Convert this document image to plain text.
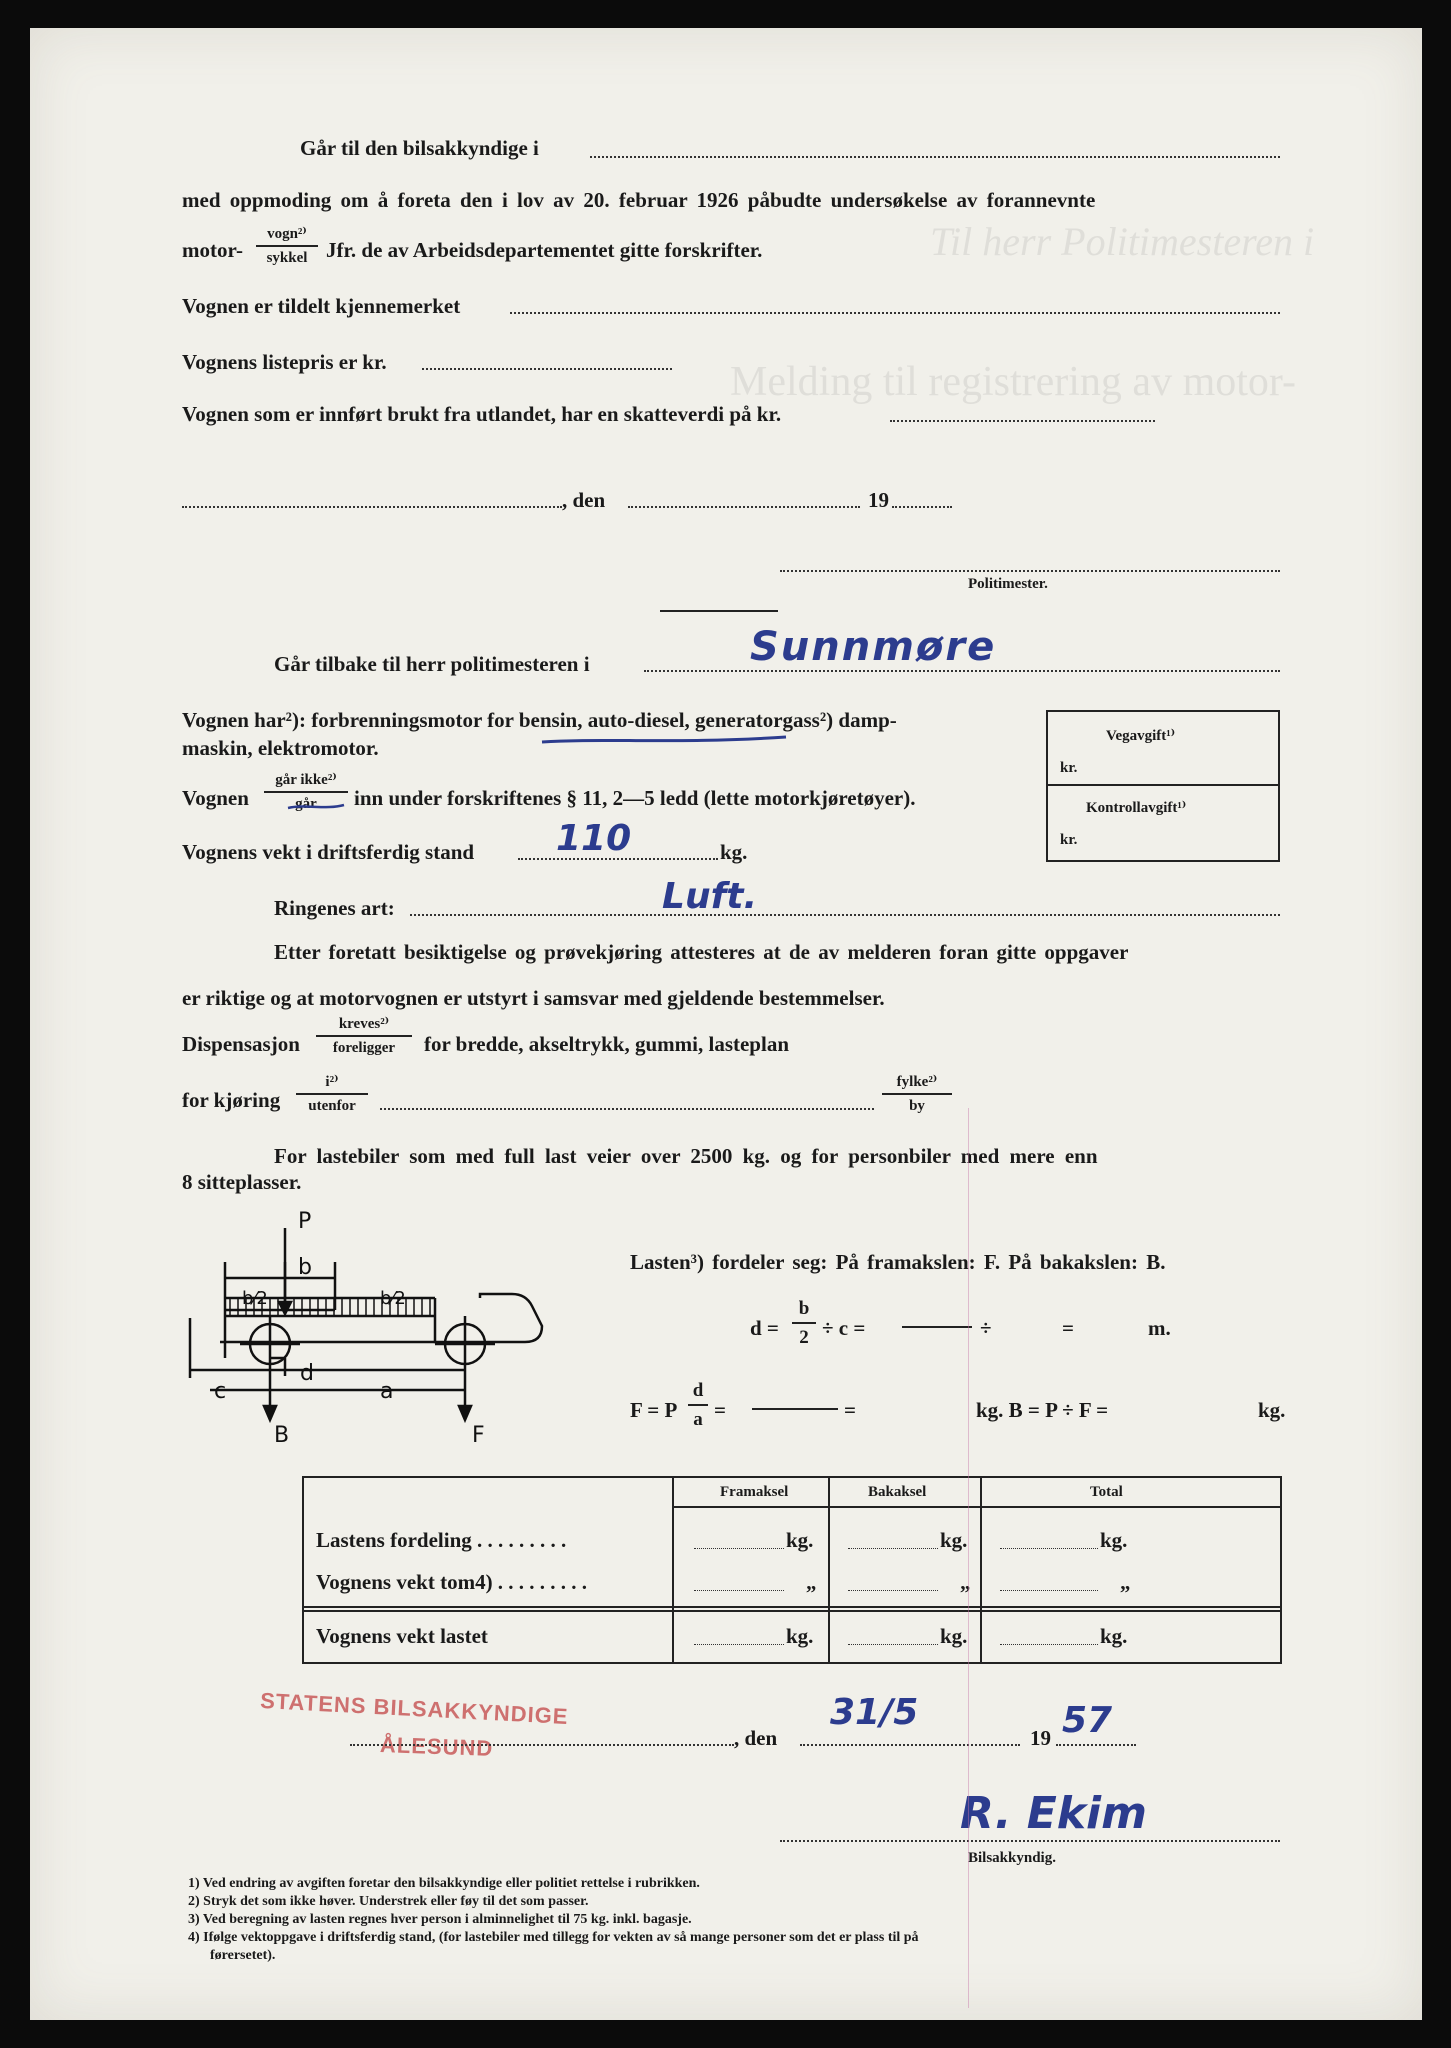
Til herr Politimesteren i
Melding til registrering av motor-
Går til den bilsakkyndige i
med oppmoding om å foreta den i lov av 20. februar 1926 påbudte undersøkelse av forannevnte
motor-
vogn²⁾
sykkel Jfr. de av Arbeidsdepartementet gitte forskrifter.
Vognen er tildelt kjennemerket
Vognens listepris er kr.
Vognen som er innført brukt fra utlandet, har en skatteverdi på kr.
, den	19
Politimester.
Går tilbake til herr politimesteren i	Sunnmøre
Vognen har²): forbrenningsmotor for bensin, auto-diesel, generatorgass²) damp-
maskin, elektromotor.
Vognen
går ikke²⁾
går	inn under forskriftenes § 11, 2—5 ledd (lette motorkjøretøyer).
Vognens vekt i driftsferdig stand 110	kg.
Ringenes art:	Luft.
Vegavgift¹⁾
kr.
Kontrollavgift¹⁾
kr.
Etter foretatt besiktigelse og prøvekjøring attesteres at de av melderen foran gitte oppgaver
er riktige og at motorvognen er utstyrt i samsvar med gjeldende bestemmelser.
Dispensasjon
kreves²⁾
foreligger	for bredde, akseltrykk, gummi, lasteplan
for kjøring
i²⁾
utenfor
fylke²⁾
by
For lastebiler som med full last veier over 2500 kg. og for personbiler med mere enn
8 sitteplasser.
P
b
b⁄2	b⁄2
c
d
a
B	F
Lasten³) fordeler seg: På framakslen: F. På bakakslen: B.
$d = \frac{b}{2} \div c$ =	÷	=	m.
F = P $\frac{d}{a}$ =	=	kg. B = P ÷ F =	kg.
Framaksel	Bakaksel	Total
Lastens fordeling . . . . . . . . .	kg.	kg.	kg.
Vognens vekt tom4) . . . . . . . . .	„	„	„
Vognens vekt lastet	kg.	kg.	kg.
STATENS BILSAKKYNDIGE
ÅLESUND	, den
31/5
19 57
R. Ekim
Bilsakkyndig.
1) Ved endring av avgiften foretar den bilsakkyndige eller politiet rettelse i rubrikken.
2) Stryk det som ikke høver. Understrek eller føy til det som passer.
3) Ved beregning av lasten regnes hver person i alminnelighet til 75 kg. inkl. bagasje.
4) Ifølge vektoppgave i driftsferdig stand, (for lastebiler med tillegg for vekten av så mange personer som det er plass til på
førersetet).
